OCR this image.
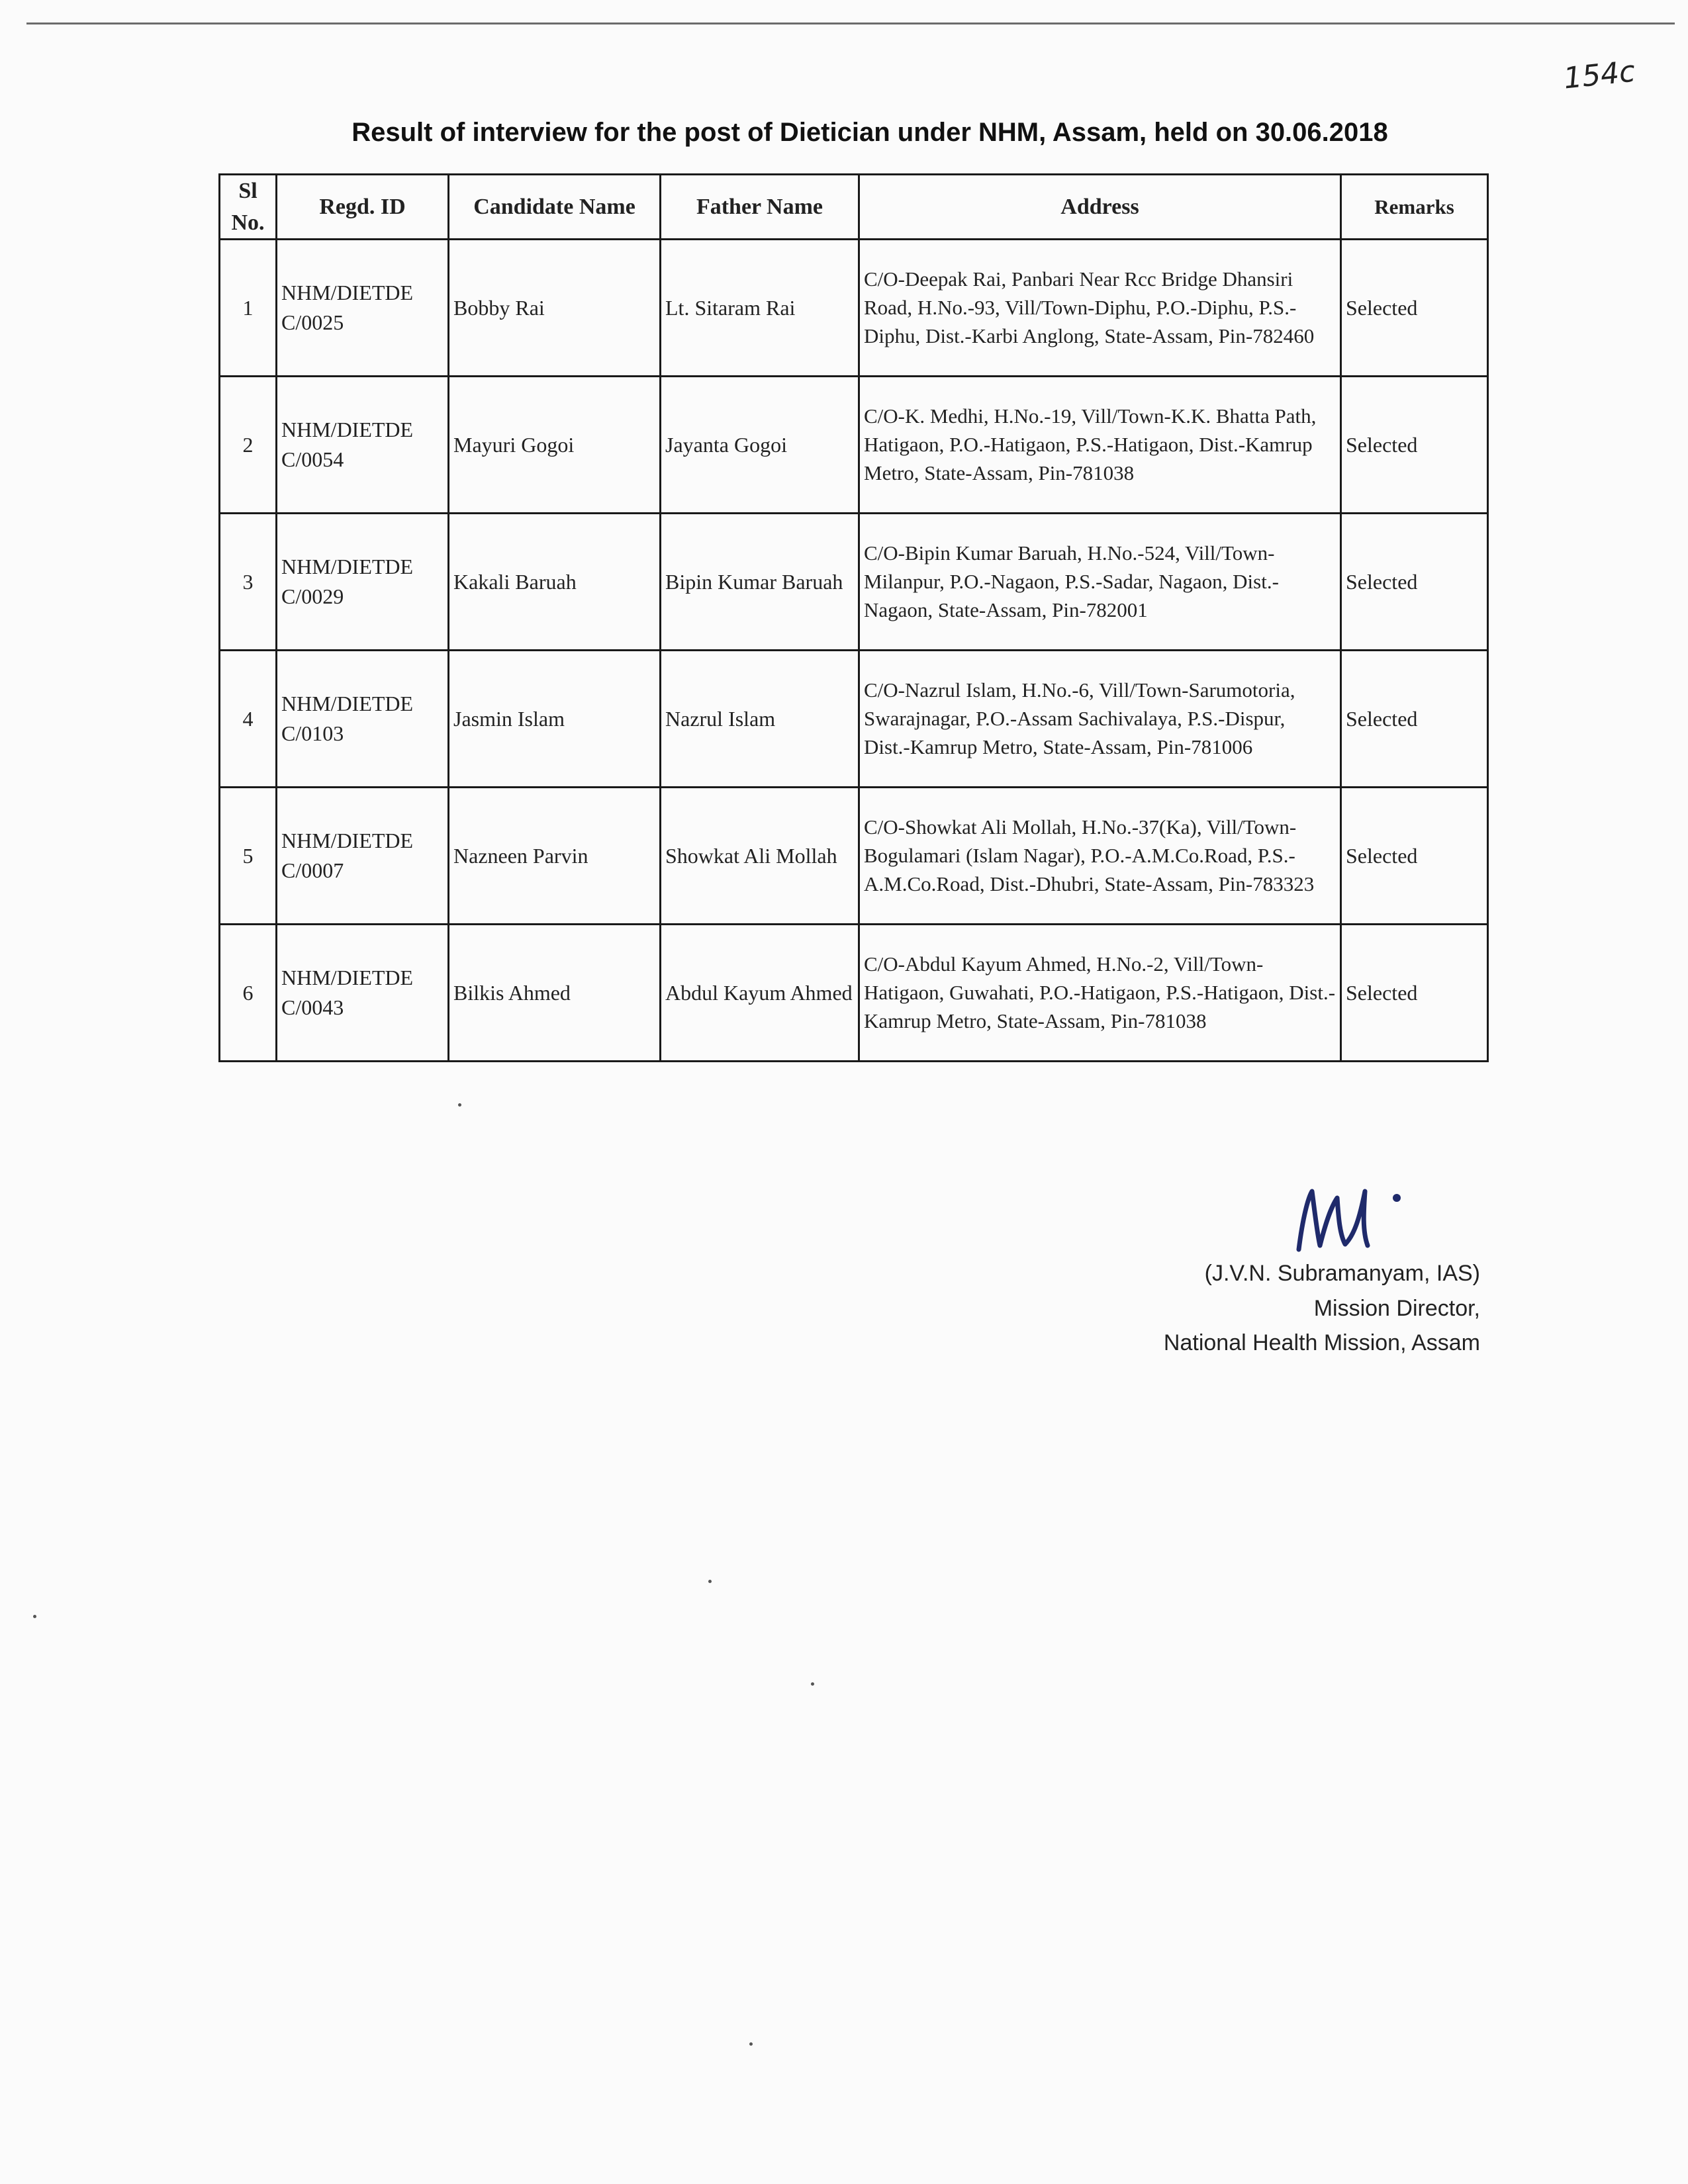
154c
Result of interview for the post of Dietician under NHM, Assam, held on 30.06.2018
Sl No.	Regd. ID	Candidate Name	Father Name	Address	Remarks
1	NHM/DIETDE C/0025	Bobby Rai	Lt. Sitaram Rai	C/O-Deepak Rai, Panbari Near Rcc Bridge Dhansiri Road, H.No.-93, Vill/Town-Diphu, P.O.-Diphu, P.S.-Diphu, Dist.-Karbi Anglong, State-Assam, Pin-782460	Selected
2	NHM/DIETDE C/0054	Mayuri Gogoi	Jayanta Gogoi	C/O-K. Medhi, H.No.-19, Vill/Town-K.K. Bhatta Path, Hatigaon, P.O.-Hatigaon, P.S.-Hatigaon, Dist.-Kamrup Metro, State-Assam, Pin-781038	Selected
3	NHM/DIETDE C/0029	Kakali Baruah	Bipin Kumar Baruah	C/O-Bipin Kumar Baruah, H.No.-524, Vill/Town-Milanpur, P.O.-Nagaon, P.S.-Sadar, Nagaon, Dist.-Nagaon, State-Assam, Pin-782001	Selected
4	NHM/DIETDE C/0103	Jasmin Islam	Nazrul Islam	C/O-Nazrul Islam, H.No.-6, Vill/Town-Sarumotoria, Swarajnagar, P.O.-Assam Sachivalaya, P.S.-Dispur, Dist.-Kamrup Metro, State-Assam, Pin-781006	Selected
5	NHM/DIETDE C/0007	Nazneen Parvin	Showkat Ali Mollah	C/O-Showkat Ali Mollah, H.No.-37(Ka), Vill/Town-Bogulamari (Islam Nagar), P.O.-A.M.Co.Road, P.S.-A.M.Co.Road, Dist.-Dhubri, State-Assam, Pin-783323	Selected
6	NHM/DIETDE C/0043	Bilkis Ahmed	Abdul Kayum Ahmed	C/O-Abdul Kayum Ahmed, H.No.-2, Vill/Town-Hatigaon, Guwahati, P.O.-Hatigaon, P.S.-Hatigaon, Dist.-Kamrup Metro, State-Assam, Pin-781038	Selected
(J.V.N. Subramanyam, IAS)
Mission Director,
National Health Mission, Assam
